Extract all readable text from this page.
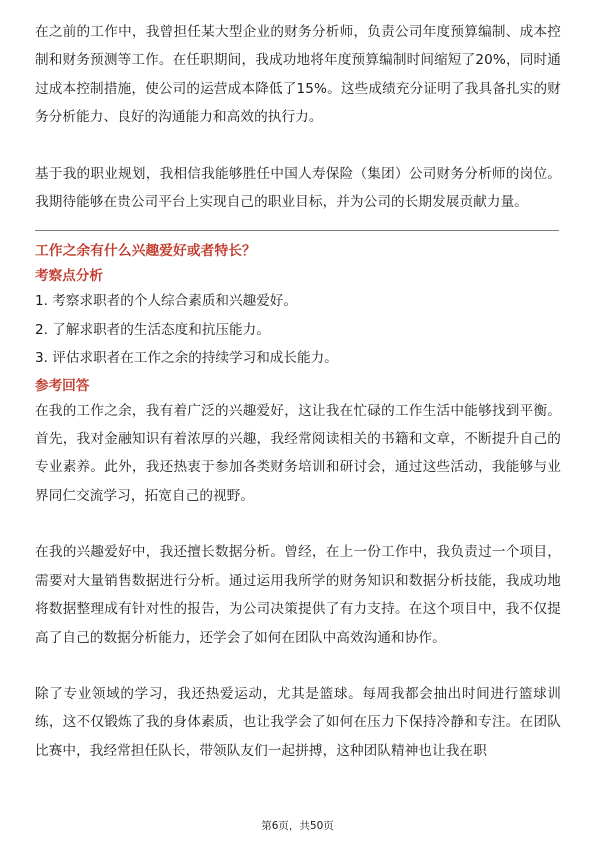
在之前的工作中，我曾担任某大型企业的财务分析师，负责公司年度预算编制、成本控制和财务预测等工作。在任职期间，我成功地将年度预算编制时间缩短了20%，同时通过成本控制措施，使公司的运营成本降低了15%。这些成绩充分证明了我具备扎实的财务分析能力、良好的沟通能力和高效的执行力。

基于我的职业规划，我相信我能够胜任中国人寿保险（集团）公司财务分析师的岗位。我期待能够在贵公司平台上实现自己的职业目标，并为公司的长期发展贡献力量。

工作之余有什么兴趣爱好或者特长？

考察点分析

1. 考察求职者的个人综合素质和兴趣爱好。
2. 了解求职者的生活态度和抗压能力。
3. 评估求职者在工作之余的持续学习和成长能力。

参考回答

在我的工作之余，我有着广泛的兴趣爱好，这让我在忙碌的工作生活中能够找到平衡。首先，我对金融知识有着浓厚的兴趣，我经常阅读相关的书籍和文章，不断提升自己的专业素养。此外，我还热衷于参加各类财务培训和研讨会，通过这些活动，我能够与业界同仁交流学习，拓宽自己的视野。

在我的兴趣爱好中，我还擅长数据分析。曾经，在上一份工作中，我负责过一个项目，需要对大量销售数据进行分析。通过运用我所学的财务知识和数据分析技能，我成功地将数据整理成有针对性的报告，为公司决策提供了有力支持。在这个项目中，我不仅提高了自己的数据分析能力，还学会了如何在团队中高效沟通和协作。

除了专业领域的学习，我还热爱运动，尤其是篮球。每周我都会抽出时间进行篮球训练，这不仅锻炼了我的身体素质，也让我学会了如何在压力下保持冷静和专注。在团队比赛中，我经常担任队长，带领队友们一起拼搏，这种团队精神也让我在职

第6页，共50页
